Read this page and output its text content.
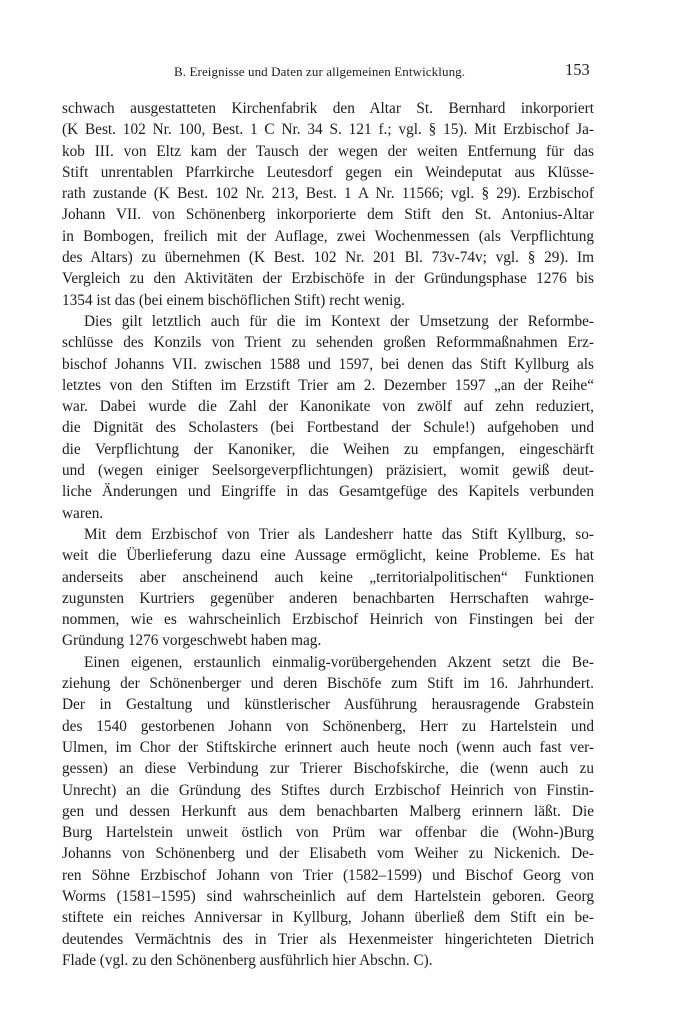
B. Ereignisse und Daten zur allgemeinen Entwicklung.	153
schwach ausgestatteten Kirchenfabrik den Altar St. Bernhard inkorporiert
(K Best. 102 Nr. 100, Best. 1 C Nr. 34 S. 121 f.; vgl. § 15). Mit Erzbischof Ja-
kob III. von Eltz kam der Tausch der wegen der weiten Entfernung für das
Stift unrentablen Pfarrkirche Leutesdorf gegen ein Weindeputat aus Klüsse-
rath zustande (K Best. 102 Nr. 213, Best. 1 A Nr. 11566; vgl. § 29). Erzbischof
Johann VII. von Schönenberg inkorporierte dem Stift den St. Antonius-Altar
in Bombogen, freilich mit der Auflage, zwei Wochenmessen (als Verpflichtung
des Altars) zu übernehmen (K Best. 102 Nr. 201 Bl. 73v-74v; vgl. § 29). Im
Vergleich zu den Aktivitäten der Erzbischöfe in der Gründungsphase 1276 bis
1354 ist das (bei einem bischöflichen Stift) recht wenig.
Dies gilt letztlich auch für die im Kontext der Umsetzung der Reformbe-
schlüsse des Konzils von Trient zu sehenden großen Reformmaßnahmen Erz-
bischof Johanns VII. zwischen 1588 und 1597, bei denen das Stift Kyllburg als
letztes von den Stiften im Erzstift Trier am 2. Dezember 1597 „an der Reihe“
war. Dabei wurde die Zahl der Kanonikate von zwölf auf zehn reduziert,
die Dignität des Scholasters (bei Fortbestand der Schule!) aufgehoben und
die Verpflichtung der Kanoniker, die Weihen zu empfangen, eingeschärft
und (wegen einiger Seelsorgeverpflichtungen) präzisiert, womit gewiß deut-
liche Änderungen und Eingriffe in das Gesamtgefüge des Kapitels verbunden
waren.
Mit dem Erzbischof von Trier als Landesherr hatte das Stift Kyllburg, so-
weit die Überlieferung dazu eine Aussage ermöglicht, keine Probleme. Es hat
anderseits aber anscheinend auch keine „territorialpolitischen“ Funktionen
zugunsten Kurtriers gegenüber anderen benachbarten Herrschaften wahrge-
nommen, wie es wahrscheinlich Erzbischof Heinrich von Finstingen bei der
Gründung 1276 vorgeschwebt haben mag.
Einen eigenen, erstaunlich einmalig-vorübergehenden Akzent setzt die Be-
ziehung der Schönenberger und deren Bischöfe zum Stift im 16. Jahrhundert.
Der in Gestaltung und künstlerischer Ausführung herausragende Grabstein
des 1540 gestorbenen Johann von Schönenberg, Herr zu Hartelstein und
Ulmen, im Chor der Stiftskirche erinnert auch heute noch (wenn auch fast ver-
gessen) an diese Verbindung zur Trierer Bischofskirche, die (wenn auch zu
Unrecht) an die Gründung des Stiftes durch Erzbischof Heinrich von Finstin-
gen und dessen Herkunft aus dem benachbarten Malberg erinnern läßt. Die
Burg Hartelstein unweit östlich von Prüm war offenbar die (Wohn-)Burg
Johanns von Schönenberg und der Elisabeth vom Weiher zu Nickenich. De-
ren Söhne Erzbischof Johann von Trier (1582–1599) und Bischof Georg von
Worms (1581–1595) sind wahrscheinlich auf dem Hartelstein geboren. Georg
stiftete ein reiches Anniversar in Kyllburg, Johann überließ dem Stift ein be-
deutendes Vermächtnis des in Trier als Hexenmeister hingerichteten Dietrich
Flade (vgl. zu den Schönenberg ausführlich hier Abschn. C).
